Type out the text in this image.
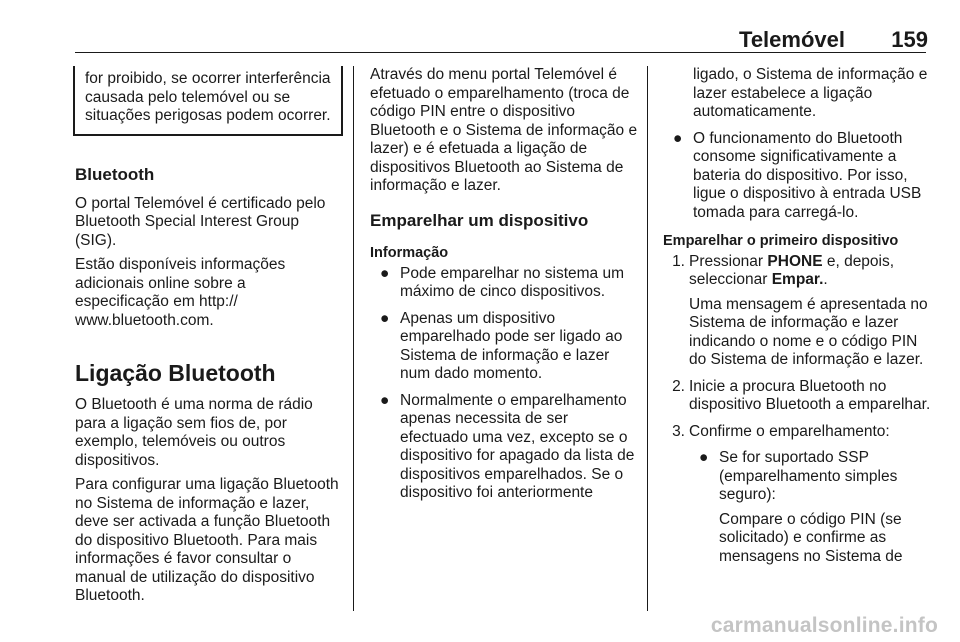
Telemóvel 159
for proibido, se ocorrer interferência causada pelo telemóvel ou se situações perigosas podem ocorrer.
Bluetooth

O portal Telemóvel é certificado pelo Bluetooth Special Interest Group (SIG).

Estão disponíveis informações adicionais online sobre a especificação em http://
www.bluetooth.com.

Ligação Bluetooth

O Bluetooth é uma norma de rádio para a ligação sem fios de, por exemplo, telemóveis ou outros dispositivos.

Para configurar uma ligação Bluetooth no Sistema de informação e lazer, deve ser activada a função Bluetooth do dispositivo Bluetooth. Para mais informações é favor consultar o manual de utilização do dispositivo Bluetooth.

Através do menu portal Telemóvel é efetuado o emparelhamento (troca de código PIN entre o dispositivo Bluetooth e o Sistema de informação e lazer) e é efetuada a ligação de dispositivos Bluetooth ao Sistema de informação e lazer.

Emparelhar um dispositivo
Informação
● Pode emparelhar no sistema um máximo de cinco dispositivos.
● Apenas um dispositivo emparelhado pode ser ligado ao Sistema de informação e lazer num dado momento.
● Normalmente o emparelhamento apenas necessita de ser efectuado uma vez, excepto se o dispositivo for apagado da lista de dispositivos emparelhados. Se o dispositivo foi anteriormente
ligado, o Sistema de informação e lazer estabelece a ligação automaticamente.
● O funcionamento do Bluetooth consome significativamente a bateria do dispositivo. Por isso, ligue o dispositivo à entrada USB tomada para carregá-lo.
Emparelhar o primeiro dispositivo
1. Pressionar PHONE e, depois, seleccionar Empar..
Uma mensagem é apresentada no Sistema de informação e lazer indicando o nome e o código PIN do Sistema de informação e lazer.
2. Inicie a procura Bluetooth no dispositivo Bluetooth a emparelhar.
3. Confirme o emparelhamento:
● Se for suportado SSP (emparelhamento simples seguro):
Compare o código PIN (se solicitado) e confirme as mensagens no Sistema de
carmanualsonline.info
